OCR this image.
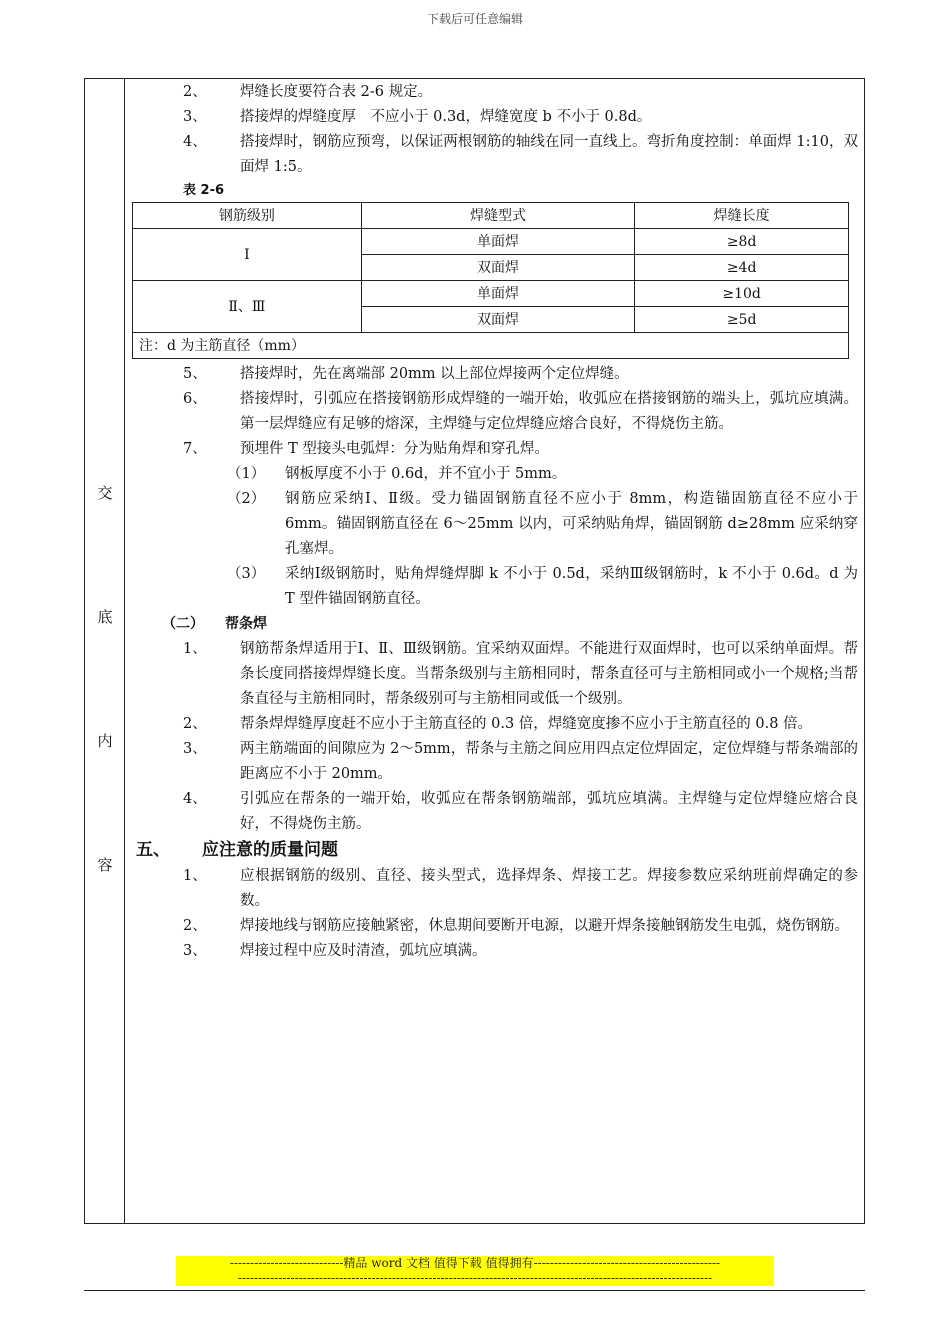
下载后可任意编辑
交
底
内
容
2、	焊缝长度要符合表 2-6 规定。
3、	搭接焊的焊缝度厚　不应小于 0.3d，焊缝宽度 b 不小于 0.8d。
4、	搭接焊时，钢筋应预弯，以保证两根钢筋的轴线在同一直线上。弯折角度控制：单面焊 1:10，双面焊 1:5。
表 2-6
钢筋级别	焊缝型式	焊缝长度
Ⅰ	单面焊	≥8d
	双面焊	≥4d
Ⅱ、Ⅲ	单面焊	≥10d
	双面焊	≥5d
注：d 为主筋直径（mm）		
5、	搭接焊时，先在离端部 20mm 以上部位焊接两个定位焊缝。
6、	搭接焊时，引弧应在搭接钢筋形成焊缝的一端开始，收弧应在搭接钢筋的端头上，弧坑应填满。第一层焊缝应有足够的熔深，主焊缝与定位焊缝应熔合良好，不得烧伤主筋。
7、	预埋件 T 型接头电弧焊：分为贴角焊和穿孔焊。
（1） 钢板厚度不小于 0.6d，并不宜小于 5mm。
（2） 钢筋应采纳Ⅰ、Ⅱ级。受力锚固钢筋直径不应小于 8mm，构造锚固筋直径不应小于 6mm。锚固钢筋直径在 6～25mm 以内，可采纳贴角焊，锚固钢筋 d≥28mm 应采纳穿孔塞焊。
（3） 采纳Ⅰ级钢筋时，贴角焊缝焊脚 k 不小于 0.5d，采纳Ⅲ级钢筋时，k 不小于 0.6d。d 为 T 型件锚固钢筋直径。
（二） 帮条焊
1、	钢筋帮条焊适用于Ⅰ、Ⅱ、Ⅲ级钢筋。宜采纳双面焊。不能进行双面焊时，也可以采纳单面焊。帮条长度同搭接焊焊缝长度。当帮条级别与主筋相同时，帮条直径可与主筋相同或小一个规格;当帮条直径与主筋相同时，帮条级别可与主筋相同或低一个级别。
2、	帮条焊焊缝厚度赶不应小于主筋直径的 0.3 倍，焊缝宽度掺不应小于主筋直径的 0.8 倍。
3、	两主筋端面的间隙应为 2～5mm，帮条与主筋之间应用四点定位焊固定，定位焊缝与帮条端部的距离应不小于 20mm。
4、	引弧应在帮条的一端开始，收弧应在帮条钢筋端部，弧坑应填满。主焊缝与定位焊缝应熔合良好，不得烧伤主筋。
五、 应注意的质量问题
1、	应根据钢筋的级别、直径、接头型式，选择焊条、焊接工艺。焊接参数应采纳班前焊确定的参数。
2、	焊接地线与钢筋应接触紧密，休息期间要断开电源，以避开焊条接触钢筋发生电弧，烧伤钢筋。
3、	焊接过程中应及时清渣，弧坑应填满。
----------------------------精品 word 文档 值得下载 值得拥有----------------------------------------------
---------------------------------------------------------------------------------------------------------------------
